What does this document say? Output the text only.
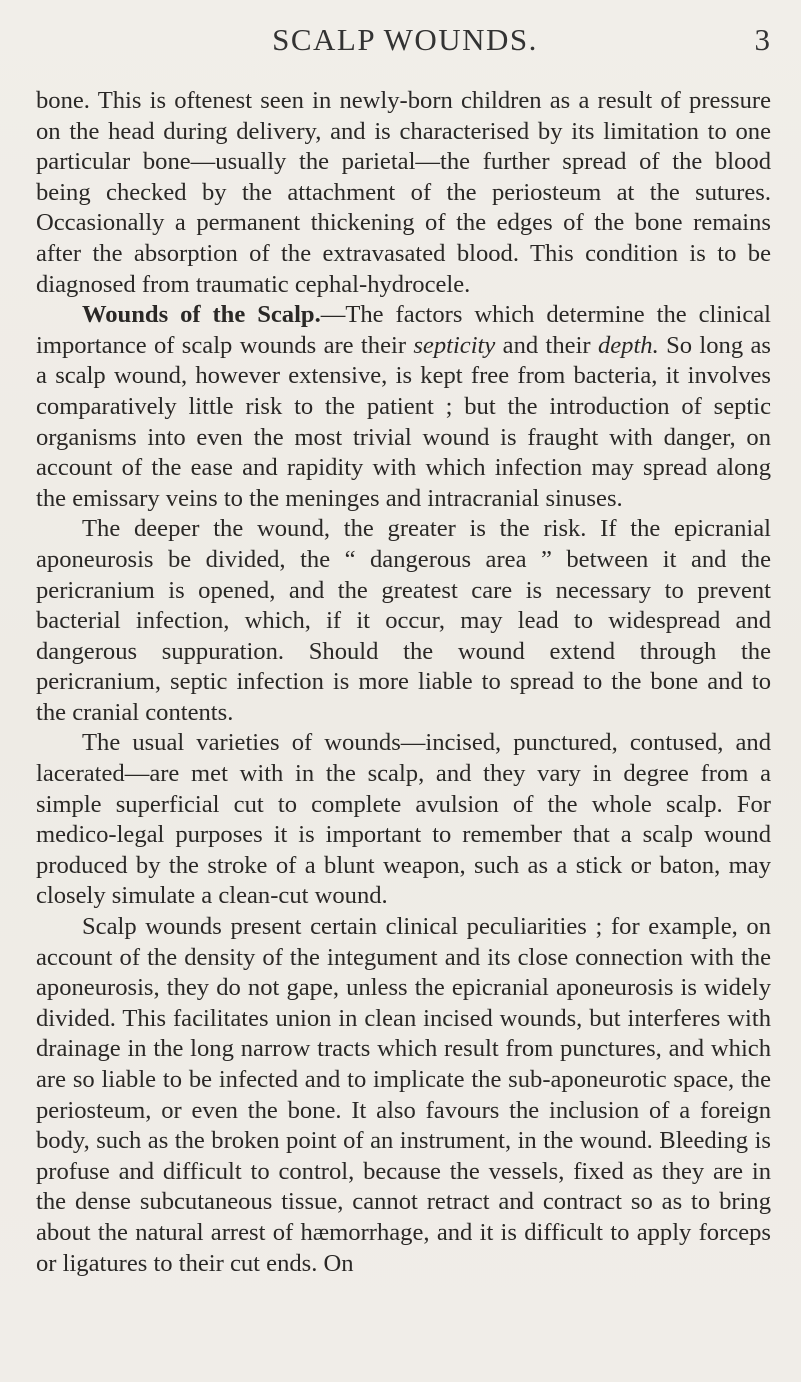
SCALP WOUNDS.	3

bone. This is oftenest seen in newly-born children as a result of pressure on the head during delivery, and is characterised by its limitation to one particular bone—usually the parietal—the further spread of the blood being checked by the attachment of the periosteum at the sutures. Occasionally a permanent thickening of the edges of the bone remains after the absorption of the extravasated blood. This condition is to be diagnosed from traumatic cephal-hydrocele.

Wounds of the Scalp.—The factors which determine the clinical importance of scalp wounds are their septicity and their depth. So long as a scalp wound, however extensive, is kept free from bacteria, it involves comparatively little risk to the patient ; but the introduction of septic organisms into even the most trivial wound is fraught with danger, on account of the ease and rapidity with which infection may spread along the emissary veins to the meninges and intracranial sinuses.

The deeper the wound, the greater is the risk. If the epicranial aponeurosis be divided, the “ dangerous area ” between it and the pericranium is opened, and the greatest care is necessary to prevent bacterial infection, which, if it occur, may lead to widespread and dangerous suppuration. Should the wound extend through the pericranium, septic infection is more liable to spread to the bone and to the cranial contents.

The usual varieties of wounds—incised, punctured, contused, and lacerated—are met with in the scalp, and they vary in degree from a simple superficial cut to complete avulsion of the whole scalp. For medico-legal purposes it is important to remember that a scalp wound produced by the stroke of a blunt weapon, such as a stick or baton, may closely simulate a clean-cut wound.

Scalp wounds present certain clinical peculiarities ; for example, on account of the density of the integument and its close connection with the aponeurosis, they do not gape, unless the epicranial aponeurosis is widely divided. This facilitates union in clean incised wounds, but interferes with drainage in the long narrow tracts which result from punctures, and which are so liable to be infected and to implicate the sub-aponeurotic space, the periosteum, or even the bone. It also favours the inclusion of a foreign body, such as the broken point of an instrument, in the wound. Bleeding is profuse and difficult to control, because the vessels, fixed as they are in the dense subcutaneous tissue, cannot retract and contract so as to bring about the natural arrest of hæmorrhage, and it is difficult to apply forceps or ligatures to their cut ends. On
